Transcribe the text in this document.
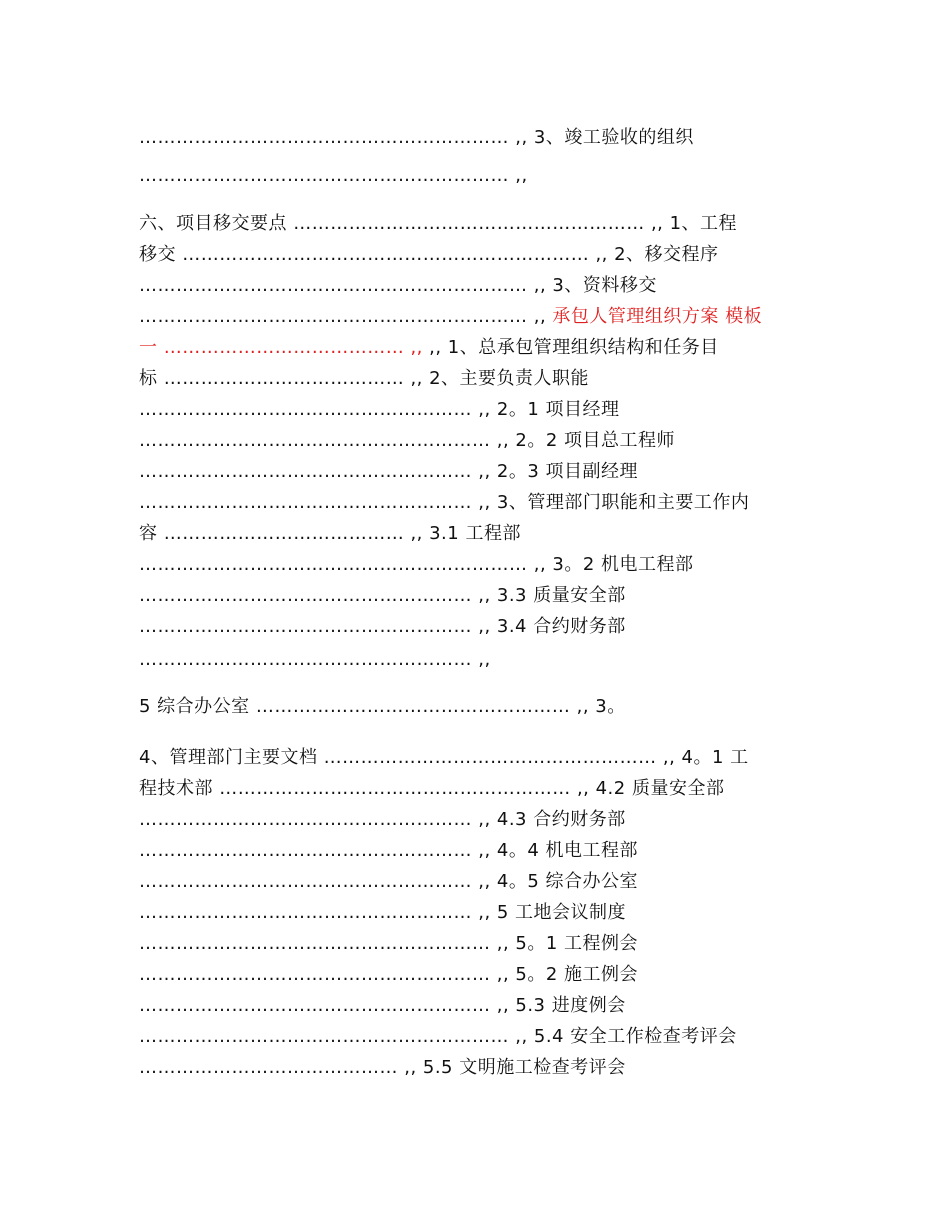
…………………………………………………… ,, 3、竣工验收的组织
…………………………………………………… ,,
六、项目移交要点 ………………………………………………… ,, 1、工程
移交 ………………………………………………………… ,, 2、移交程序
……………………………………………………… ,, 3、资料移交
……………………………………………………… ,, 承包人管理组织方案 模板
一 ………………………………… ,, ,, 1、总承包管理组织结构和任务目
标 ………………………………… ,, 2、主要负责人职能
……………………………………………… ,, 2。1 项目经理
………………………………………………… ,, 2。2 项目总工程师
……………………………………………… ,, 2。3 项目副经理
……………………………………………… ,, 3、管理部门职能和主要工作内
容 ………………………………… ,, 3.1 工程部
……………………………………………………… ,, 3。2 机电工程部
……………………………………………… ,, 3.3 质量安全部
……………………………………………… ,, 3.4 合约财务部
……………………………………………… ,,
5 综合办公室 …………………………………………… ,, 3。
4、管理部门主要文档 ……………………………………………… ,, 4。1 工
程技术部 ………………………………………………… ,, 4.2 质量安全部
……………………………………………… ,, 4.3 合约财务部
……………………………………………… ,, 4。4 机电工程部
……………………………………………… ,, 4。5 综合办公室
……………………………………………… ,, 5 工地会议制度
………………………………………………… ,, 5。1 工程例会
………………………………………………… ,, 5。2 施工例会
………………………………………………… ,, 5.3 进度例会
…………………………………………………… ,, 5.4 安全工作检查考评会
…………………………………… ,, 5.5 文明施工检查考评会
